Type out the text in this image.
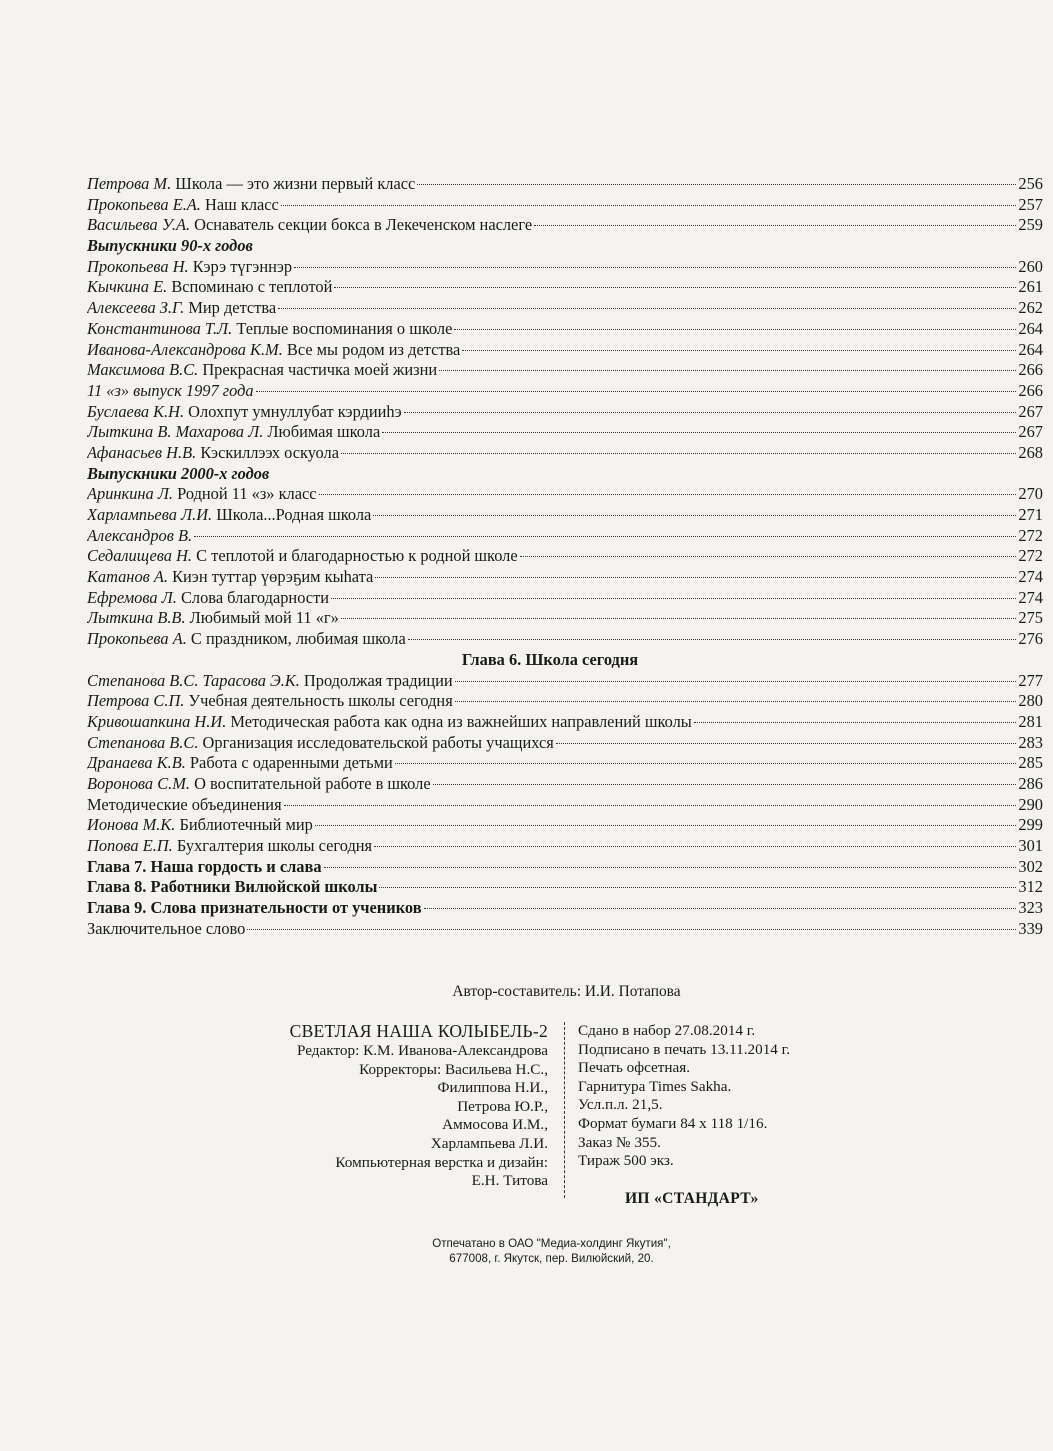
Петрова М. Школа — это жизни первый класс	256
Прокопьева Е.А. Наш класс	257
Васильева У.А. Оснаватель секции бокса в Лекеченском наслеге	259
Выпускники 90-х годов
Прокопьева Н. Кэрэ түгэннэр	260
Кычкина Е. Вспоминаю с теплотой	261
Алексеева З.Г. Мир детства	262
Константинова Т.Л. Теплые воспоминания о школе	264
Иванова-Александрова К.М. Все мы родом из детства	264
Максимова В.С. Прекрасная частичка моей жизни	266
11 «з» выпуск 1997 года	266
Буслаева К.Н. Олохпут умнуллубат кэрдииһэ	267
Лыткина В. Махарова Л. Любимая школа	267
Афанасьев Н.В. Кэскиллээх оскуола	268
Выпускники 2000-х годов
Аринкина Л. Родной 11 «з» класс	270
Харлампьева Л.И. Школа...Родная школа	271
Александров В.	272
Седалищева Н. С теплотой и благодарностью к родной школе	272
Катанов А. Киэн туттар үөрэҕим кыһата	274
Ефремова Л. Слова благодарности	274
Лыткина В.В. Любимый мой 11 «г»	275
Прокопьева А. С праздником, любимая школа	276
Глава 6. Школа сегодня
Степанова В.С. Тарасова Э.К. Продолжая традиции	277
Петрова С.П. Учебная деятельность школы сегодня	280
Кривошапкина Н.И. Методическая работа как одна из важнейших направлений школы	281
Степанова В.С. Организация исследовательской работы учащихся	283
Дранаева К.В. Работа с одаренными детьми	285
Воронова С.М. О воспитательной работе в школе	286
Методические объединения	290
Ионова М.К. Библиотечный мир	299
Попова Е.П. Бухгалтерия школы сегодня	301
Глава 7. Наша гордость и слава	302
Глава 8. Работники Вилюйской школы	312
Глава 9. Слова признательности от учеников	323
Заключительное слово	339
Автор-составитель: И.И. Потапова
СВЕТЛАЯ НАША КОЛЫБЕЛЬ-2
Редактор: К.М. Иванова-Александрова
Корректоры: Васильева Н.С.,
Филиппова Н.И.,
Петрова Ю.Р.,
Аммосова И.М.,
Харлампьева Л.И.
Компьютерная верстка и дизайн:
Е.Н. Титова
Сдано в набор 27.08.2014 г.
Подписано в печать 13.11.2014 г.
Печать офсетная.
Гарнитура Times Sakha.
Усл.п.л. 21,5.
Формат бумаги 84 х 118 1/16.
Заказ № 355.
Тираж 500 экз.
ИП «СТАНДАРТ»
Отпечатано в ОАО "Медиа-холдинг Якутия",
677008, г. Якутск, пер. Вилюйский, 20.
